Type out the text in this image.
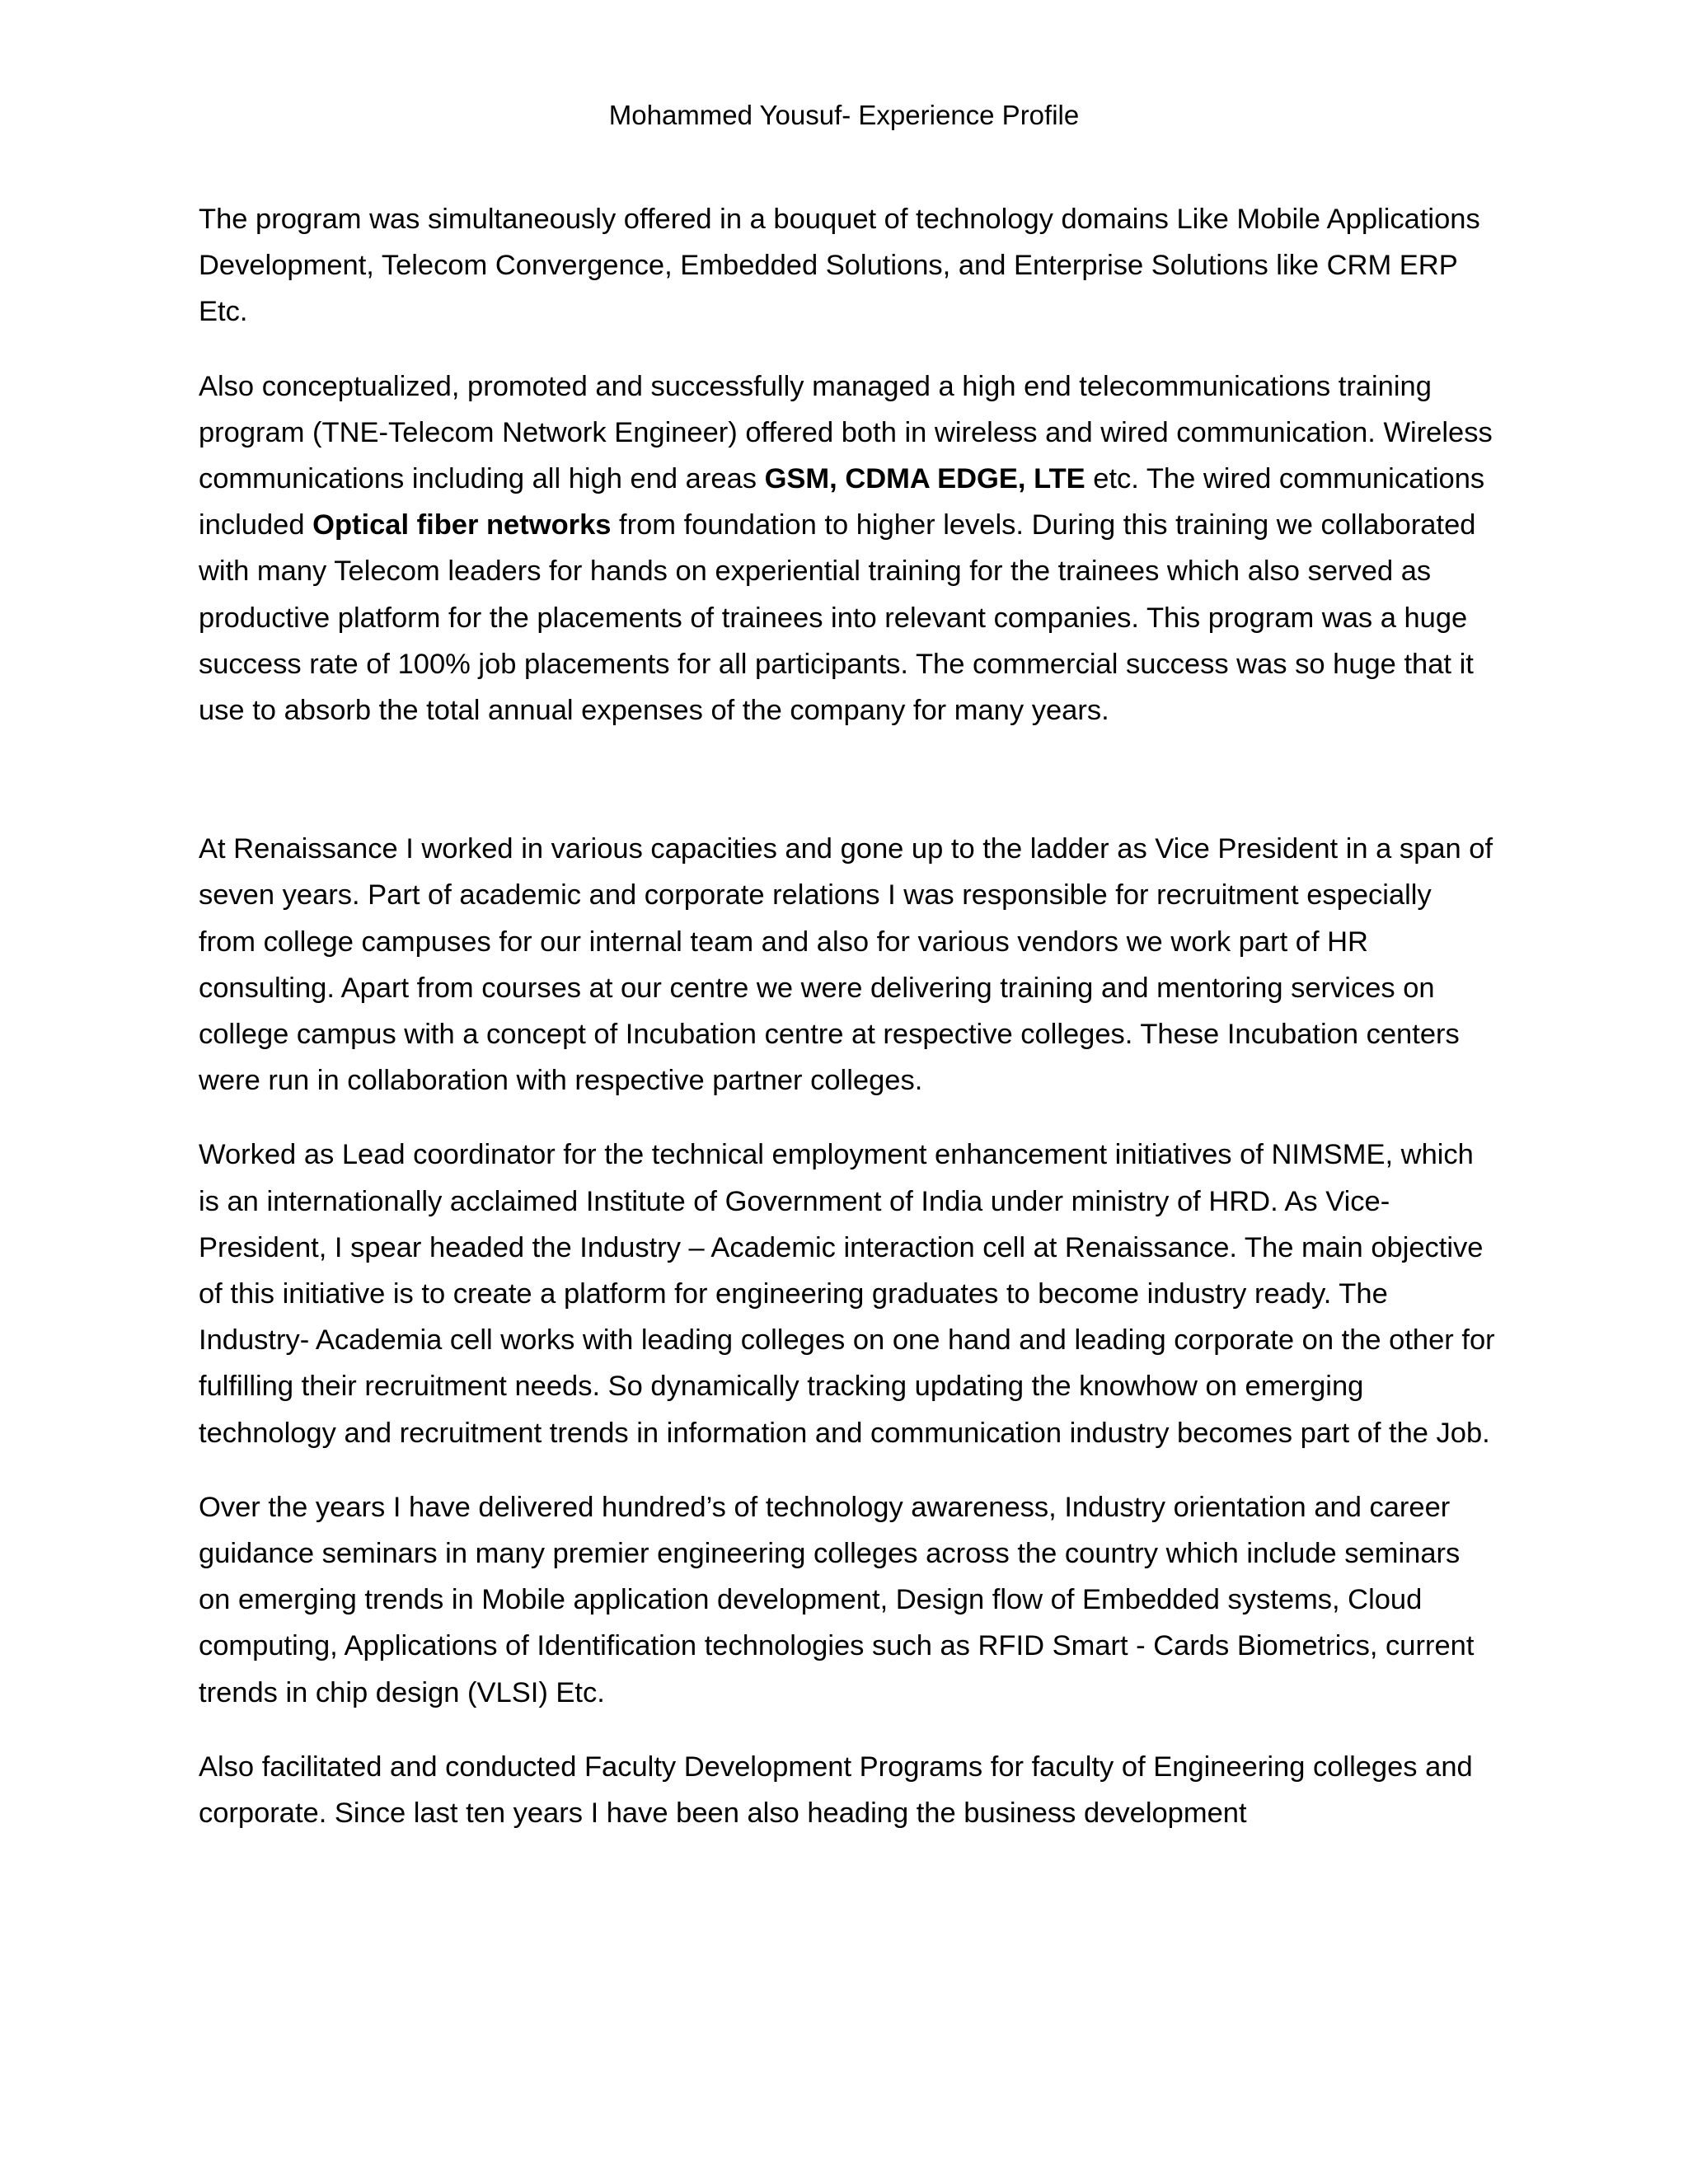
Mohammed Yousuf- Experience Profile

The program was simultaneously offered in a bouquet of technology domains Like Mobile Applications Development, Telecom Convergence, Embedded Solutions, and Enterprise Solutions like CRM ERP Etc.

Also conceptualized, promoted and successfully managed a high end telecommunications training program (TNE-Telecom Network Engineer) offered both in wireless and wired communication. Wireless communications including all high end areas GSM, CDMA EDGE, LTE etc. The wired communications included Optical fiber networks from foundation to higher levels. During this training we collaborated with many Telecom leaders for hands on experiential training for the trainees which also served as productive platform for the placements of trainees into relevant companies. This program was a huge success rate of 100% job placements for all participants. The commercial success was so huge that it use to absorb the total annual expenses of the company for many years.

At Renaissance I worked in various capacities and gone up to the ladder as Vice President in a span of seven years. Part of academic and corporate relations I was responsible for recruitment especially from college campuses for our internal team and also for various vendors we work part of HR consulting. Apart from courses at our centre we were delivering training and mentoring services on college campus with a concept of Incubation centre at respective colleges. These Incubation centers were run in collaboration with respective partner colleges.

Worked as Lead coordinator for the technical employment enhancement initiatives of NIMSME, which is an internationally acclaimed Institute of Government of India under ministry of HRD. As Vice-President, I spear headed the Industry – Academic interaction cell at Renaissance. The main objective of this initiative is to create a platform for engineering graduates to become industry ready. The Industry- Academia cell works with leading colleges on one hand and leading corporate on the other for fulfilling their recruitment needs. So dynamically tracking updating the knowhow on emerging technology and recruitment trends in information and communication industry becomes part of the Job.

Over the years I have delivered hundred’s of technology awareness, Industry orientation and career guidance seminars in many premier engineering colleges across the country which include seminars on emerging trends in Mobile application development, Design flow of Embedded systems, Cloud computing, Applications of Identification technologies such as RFID Smart - Cards Biometrics, current trends in chip design (VLSI) Etc.

Also facilitated and conducted Faculty Development Programs for faculty of Engineering colleges and corporate. Since last ten years I have been also heading the business development
